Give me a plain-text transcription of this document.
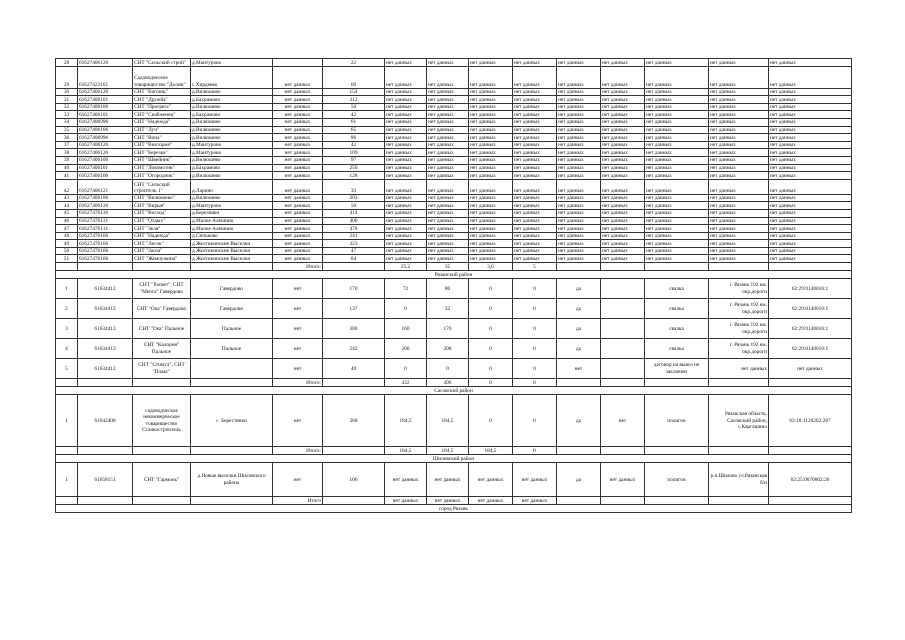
28	61627406126	СНТ "Сельский строй"	д.Мантурово		22	нет данных	нет данных	нет данных	нет данных	нет данных	нет данных	нет данных	нет данных	нет данных
29	61627422101	Садоводческое товарищество "Долин"	с.Хирдеево	нет данных	60	нет данных	нет данных	нет данных	нет данных	нет данных	нет данных	нет данных	нет данных	нет данных
30	61627406126	СНТ "Вагонщ"	д.Вилюшево	нет данных	154	нет данных	нет данных	нет данных	нет данных	нет данных	нет данных	нет данных	нет данных	нет данных
31	61627406101	СНТ "Дружба"	д.Бахрамово	нет данных	312	нет данных	нет данных	нет данных	нет данных	нет данных	нет данных	нет данных	нет данных	нет данных
32	61627406106	СНТ "Прогресс"	д.Вилюшево	нет данных	50	нет данных	нет данных	нет данных	нет данных	нет данных	нет данных	нет данных	нет данных	нет данных
33	61627406101	СНТ "Снабженец"	д.Бахрамово	нет данных	42	нет данных	нет данных	нет данных	нет данных	нет данных	нет данных	нет данных	нет данных	нет данных
34	61627406996	СНТ "Надежда"	д.Вилюшево	нет данных	61	нет данных	нет данных	нет данных	нет данных	нет данных	нет данных	нет данных	нет данных	нет данных
35	61627406106	СНТ "Луч"	д.Вилюшево	нет данных	65	нет данных	нет данных	нет данных	нет данных	нет данных	нет данных	нет данных	нет данных	нет данных
36	61627406996	СНТ "Вона"	д.Вилюшево	нет данных	86	нет данных	нет данных	нет данных	нет данных	нет данных	нет данных	нет данных	нет данных	нет данных
37	61627406126	СНТ "Виктория"	д.Мантурово	нет данных	42	нет данных	нет данных	нет данных	нет данных	нет данных	нет данных	нет данных	нет данных	нет данных
38	61627406126	СНТ "Березка"	д.Мантурово	нет данных	109	нет данных	нет данных	нет данных	нет данных	нет данных	нет данных	нет данных	нет данных	нет данных
39	61627406106	СНТ "Швейник"	д.Вилюшево	нет данных	97	нет данных	нет данных	нет данных	нет данных	нет данных	нет данных	нет данных	нет данных	нет данных
40	61627406101	СНТ "Локомотив"	д.Бахрамово	нет данных	250	нет данных	нет данных	нет данных	нет данных	нет данных	нет данных	нет данных	нет данных	нет данных
41	61627406106	СНТ "Огородник"	д.Вилюшево	нет данных	128	нет данных	нет данных	нет данных	нет данных	нет данных	нет данных	нет данных	нет данных	нет данных
42	61627406121	СНТ "Сельский строитель 1"	д.Ларино	нет данных	33	нет данных	нет данных	нет данных	нет данных	нет данных	нет данных	нет данных	нет данных	нет данных
43	61627406106	СНТ "Вилюшево"	д.Вилюшево	нет данных	203	нет данных	нет данных	нет данных	нет данных	нет данных	нет данных	нет данных	нет данных	нет данных
44	61627406126	СНТ "Вирыя"	д.Мантурово	нет данных	50	нет данных	нет данных	нет данных	нет данных	нет данных	нет данных	нет данных	нет данных	нет данных
45	61627476136	СНТ "Восход"	д.Березняки	нет данных	414	нет данных	нет данных	нет данных	нет данных	нет данных	нет данных	нет данных	нет данных	нет данных
46	61627476131	СНТ "Отдых"	д.Малое Алешино	нет данных	400	нет данных	нет данных	нет данных	нет данных	нет данных	нет данных	нет данных	нет данных	нет данных
47	61627476131	СНТ "Зеля"	д.Малое Алешино	нет данных	478	нет данных	нет данных	нет данных	нет данных	нет данных	нет данных	нет данных	нет данных	нет данных
48	61627476166	СНТ "Надежда"	д.Сипьково	нет данных	241	нет данных	нет данных	нет данных	нет данных	нет данных	нет данных	нет данных	нет данных	нет данных
49	61627476166	СНТ "Лесок"	д.Желтикинские Выселки	нет данных	323	нет данных	нет данных	нет данных	нет данных	нет данных	нет данных	нет данных	нет данных	нет данных
50	61627476166	СНТ "Заоза"	д.Желтикинские Выселки	нет данных	47	нет данных	нет данных	нет данных	нет данных	нет данных	нет данных	нет данных	нет данных	нет данных
51	61627476166	СНТ "Жемчужина"	д.Желтикинские Выселки	нет данных	84	нет данных	нет данных	нет данных	нет данных	нет данных	нет данных	нет данных	нет данных	нет данных
				Итого:		25,2	35	3,6	5					
Рязанский район														
1	61634412	СНТ "Расвет", СНТ "Мечта" Гавердово	Гавердово	нет	170	72	80	0	0	да		свалка	г. Рязань 192 км. окр.дороги	62:29:0140016:1
2	61634412	СНТ "Ока" Гавердово	Гавердово	нет	137	0	32	0	0	да		свалка	г. Рязань 192 км. окр.дороги	62:29:0140016:1
3	61634413	СНТ "Ока" Пальное	Пальное	нет	300	160	176	0	0	да		свалка	г. Рязань 192 км. окр.дороги	62:29:0140016:1
4	61634413	СНТ "Калория" Пальное	Пальное	нет	242	200	208	0	0	да		свалка	г. Рязань 192 км. окр.дороги	62:29:0140016:1
5	61634412	СНТ "Стимул", СНТ "Плакс"		нет	40	0	0	0	0	нет		договор на вывоз не заключен	нет данных	нет данных
				Итого:		432	496	0	0					
Сасовский район														
1	61642408	садоводческое некоммерческое товарищество Станкостроитель	с. Берестянки	нет	368	184,5	184,5	0	0	да	нет	полигон	Рязанская область, Сасовский район, с.Каргашино	62:18:1120202:287
				Итого:		184,5	184,5	184,5	0					
Шиловский район														
1	61658151	СНТ "Гармонь"	д.Новые выселки Шиловского района	нет	106	нет данных	нет данных	нет данных	нет данных	да	нет данных	полигон	р.п.Шилово ул.Рязанская б/н	62:25:0070802:26
				Итого		нет данных	нет данных	нет данных	нет данных					
город Рязань														
